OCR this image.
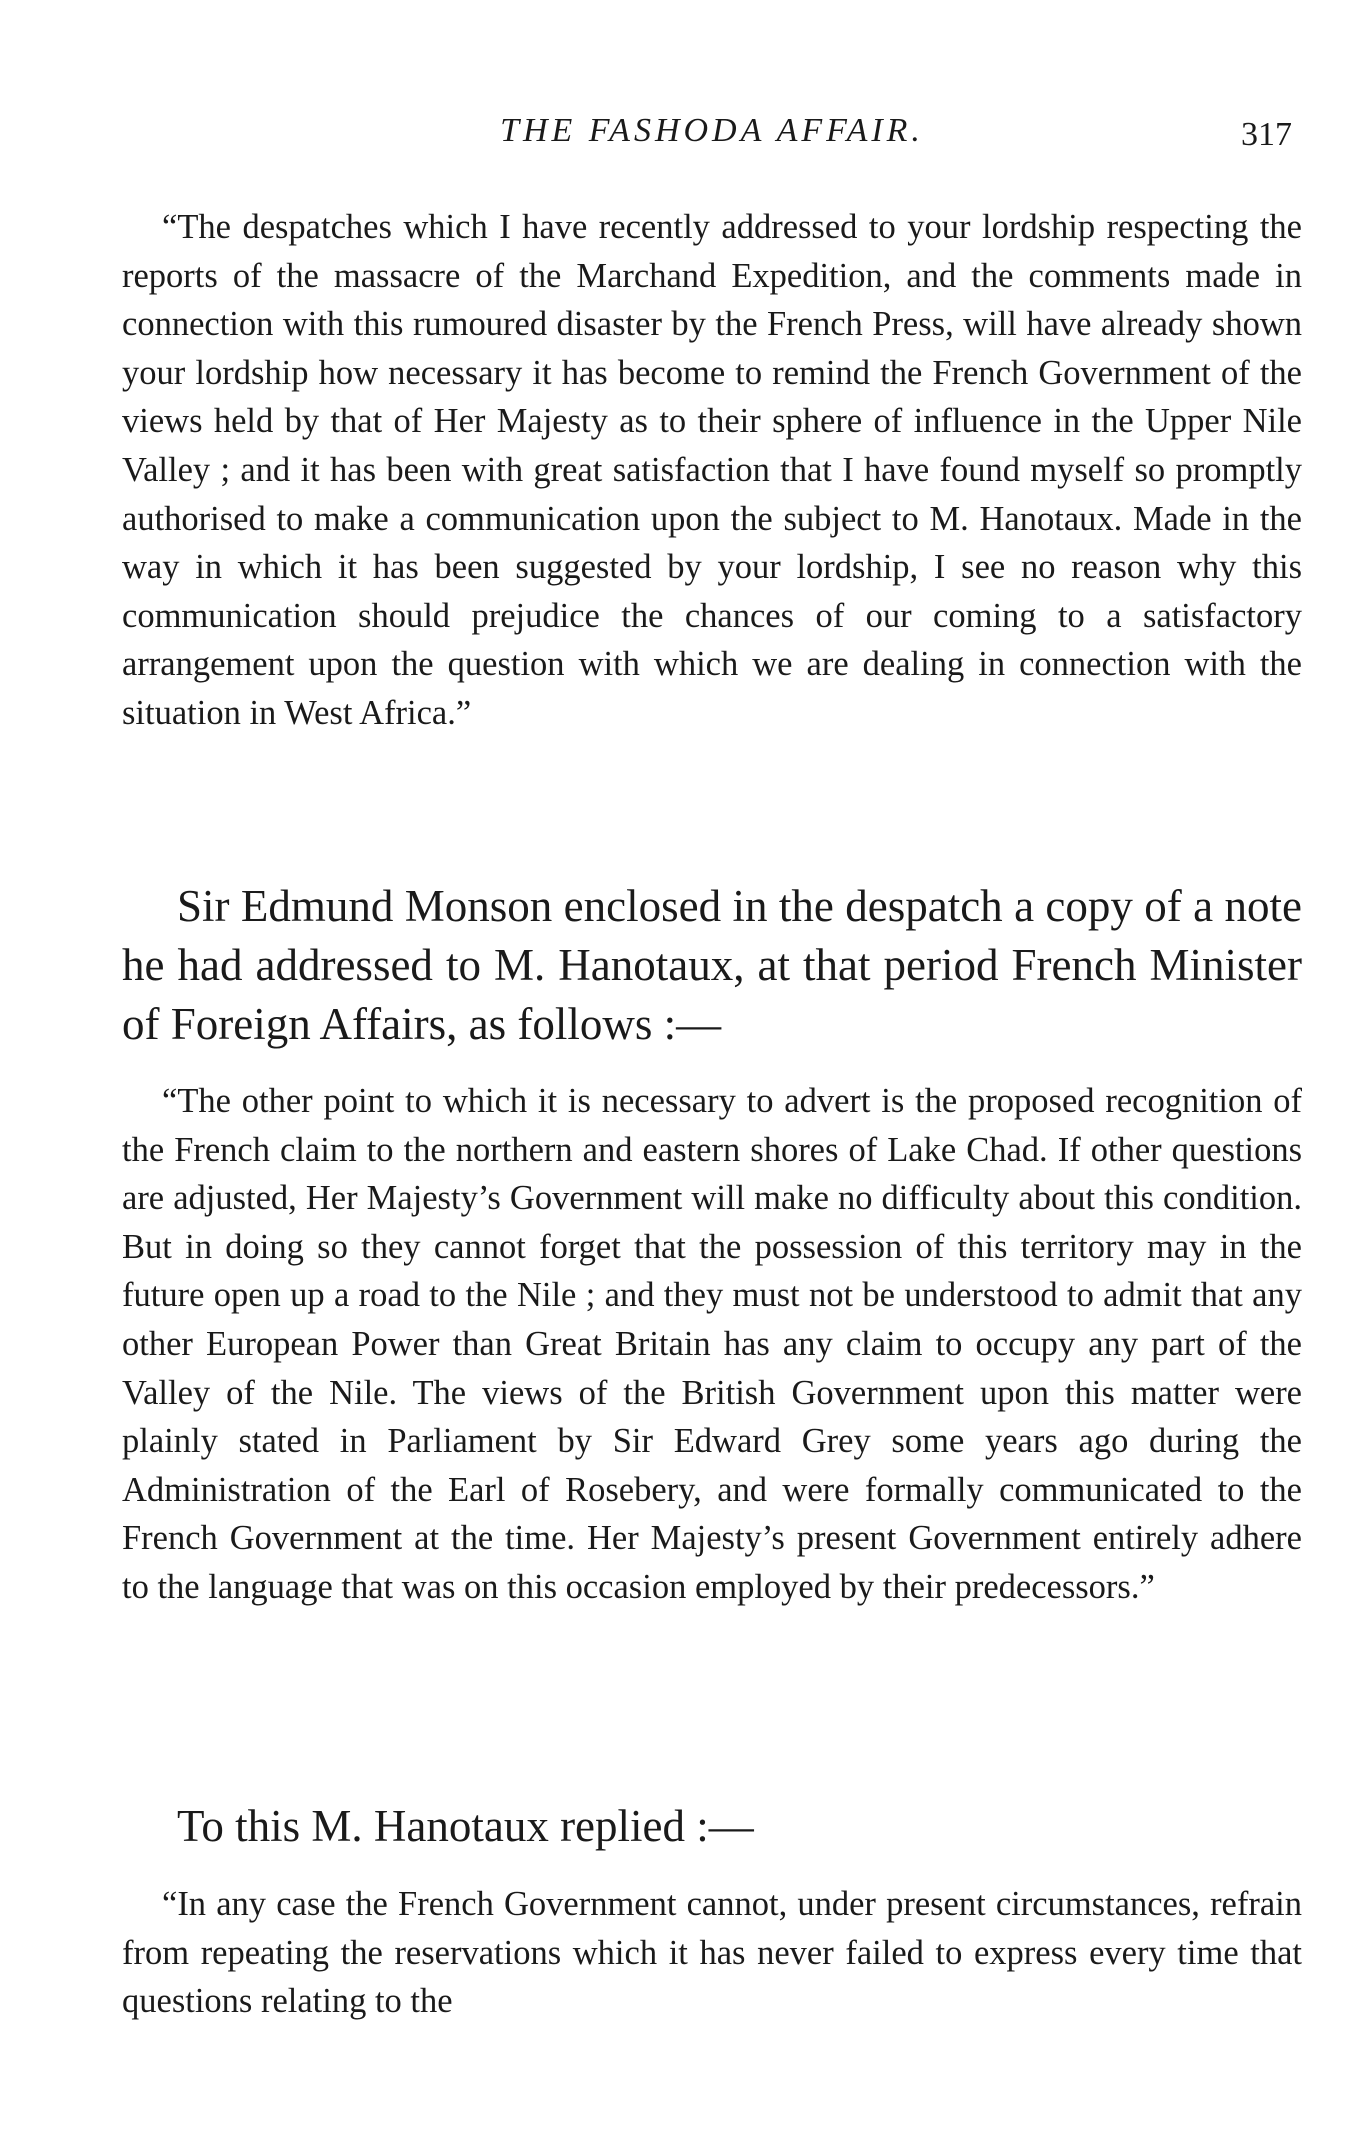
THE FASHODA AFFAIR.	317

“The despatches which I have recently addressed to your lordship respecting the reports of the massacre of the Marchand Expedition, and the comments made in connection with this rumoured disaster by the French Press, will have already shown your lordship how necessary it has become to remind the French Government of the views held by that of Her Majesty as to their sphere of influence in the Upper Nile Valley ; and it has been with great satisfaction that I have found myself so promptly authorised to make a communication upon the subject to M. Hanotaux. Made in the way in which it has been suggested by your lordship, I see no reason why this communication should prejudice the chances of our coming to a satisfactory arrangement upon the question with which we are dealing in connection with the situation in West Africa.”

Sir Edmund Monson enclosed in the despatch a copy of a note he had addressed to M. Hanotaux, at that period French Minister of Foreign Affairs, as follows :—

“The other point to which it is necessary to advert is the proposed recognition of the French claim to the northern and eastern shores of Lake Chad. If other questions are adjusted, Her Majesty’s Government will make no difficulty about this condition. But in doing so they cannot forget that the possession of this territory may in the future open up a road to the Nile ; and they must not be understood to admit that any other European Power than Great Britain has any claim to occupy any part of the Valley of the Nile. The views of the British Government upon this matter were plainly stated in Parliament by Sir Edward Grey some years ago during the Administration of the Earl of Rosebery, and were formally communicated to the French Government at the time. Her Majesty’s present Government entirely adhere to the language that was on this occasion employed by their predecessors.”

To this M. Hanotaux replied :—

“In any case the French Government cannot, under present circumstances, refrain from repeating the reservations which it has never failed to express every time that questions relating to the
